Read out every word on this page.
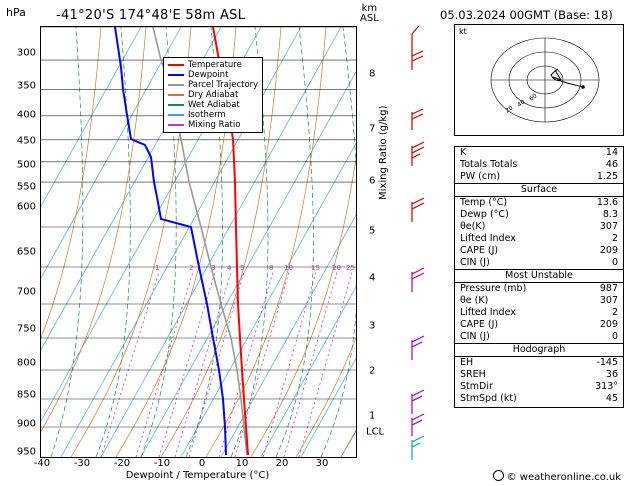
hPa -41°20'S 174°48'E 58m ASL	km
ASL
1	2	3 4 5	8 10	15 20 25
Temperature
Dewpoint
Parcel Trajectory
Dry Adiabat
Wet Adiabat
Isotherm
Mixing Ratio
300
350
400
450
500
550
600
650
700
750
800
850
900
950
-40 -30 -20 -10	0	10	20	30
Dewpoint / Temperature (°C)
1
2
3
4
5
6
7
8
LCL
Mixing Ratio (g/kg)
05.03.2024 00GMT (Base: 18)
kt
20
40
60
K	14
Totals Totals	46
PW (cm)	1.25
Surface
Temp (°C)	13.6
Dewp (°C)	8.3
θe(K)	307
Lifted Index	2
CAPE (J)	209
CIN (J)	0
Most Unstable
Pressure (mb)	987
θe (K)	307
Lifted Index	2
CAPE (J)	209
CIN (J)	0
Hodograph
EH	-145
SREH	36
StmDir	313°
StmSpd (kt)	45
© weatheronline.co.uk
